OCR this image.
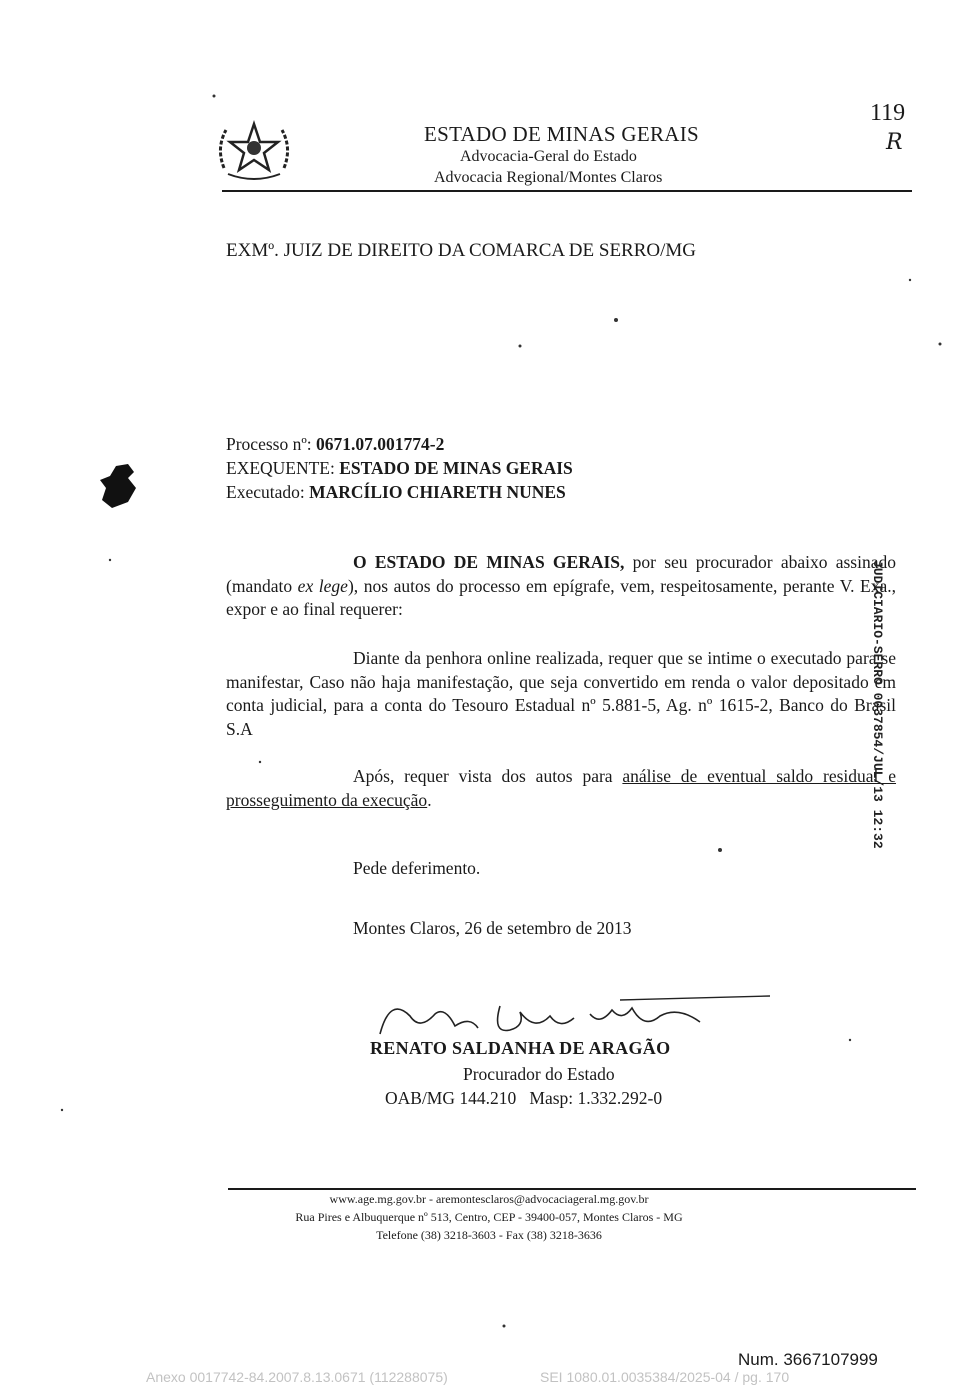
119
R
ESTADO DE MINAS GERAIS
Advocacia-Geral do Estado
Advocacia Regional/Montes Claros
EXMº. JUIZ DE DIREITO DA COMARCA DE SERRO/MG
Processo nº: 0671.07.001774-2
EXEQUENTE: ESTADO DE MINAS GERAIS
Executado: MARCÍLIO CHIARETH NUNES
O ESTADO DE MINAS GERAIS, por seu procurador abaixo assinado (mandato ex lege), nos autos do processo em epígrafe, vem, respeitosamente, perante V. Exa., expor e ao final requerer:
Diante da penhora online realizada, requer que se intime o executado para se manifestar, Caso não haja manifestação, que seja convertido em renda o valor depositado em conta judicial, para a conta do Tesouro Estadual nº 5.881-5, Ag. nº 1615-2, Banco do Brasil S.A
Após, requer vista dos autos para análise de eventual saldo residual e prosseguimento da execução.
Pede deferimento.
Montes Claros, 26 de setembro de 2013
RENATO SALDANHA DE ARAGÃO
Procurador do Estado
OAB/MG 144.210 Masp: 1.332.292-0
JUDICIARIO-SERRO 0037854/JUL/13 12:32
www.age.mg.gov.br - aremontesclaros@advocaciageral.mg.gov.br
Rua Pires e Albuquerque nº 513, Centro, CEP - 39400-057, Montes Claros - MG
Telefone (38) 3218-3603 - Fax (38) 3218-3636
Num. 3667107999
Anexo 0017742-84.2007.8.13.0671 (112288075)	SEI 1080.01.0035384/2025-04 / pg. 170
